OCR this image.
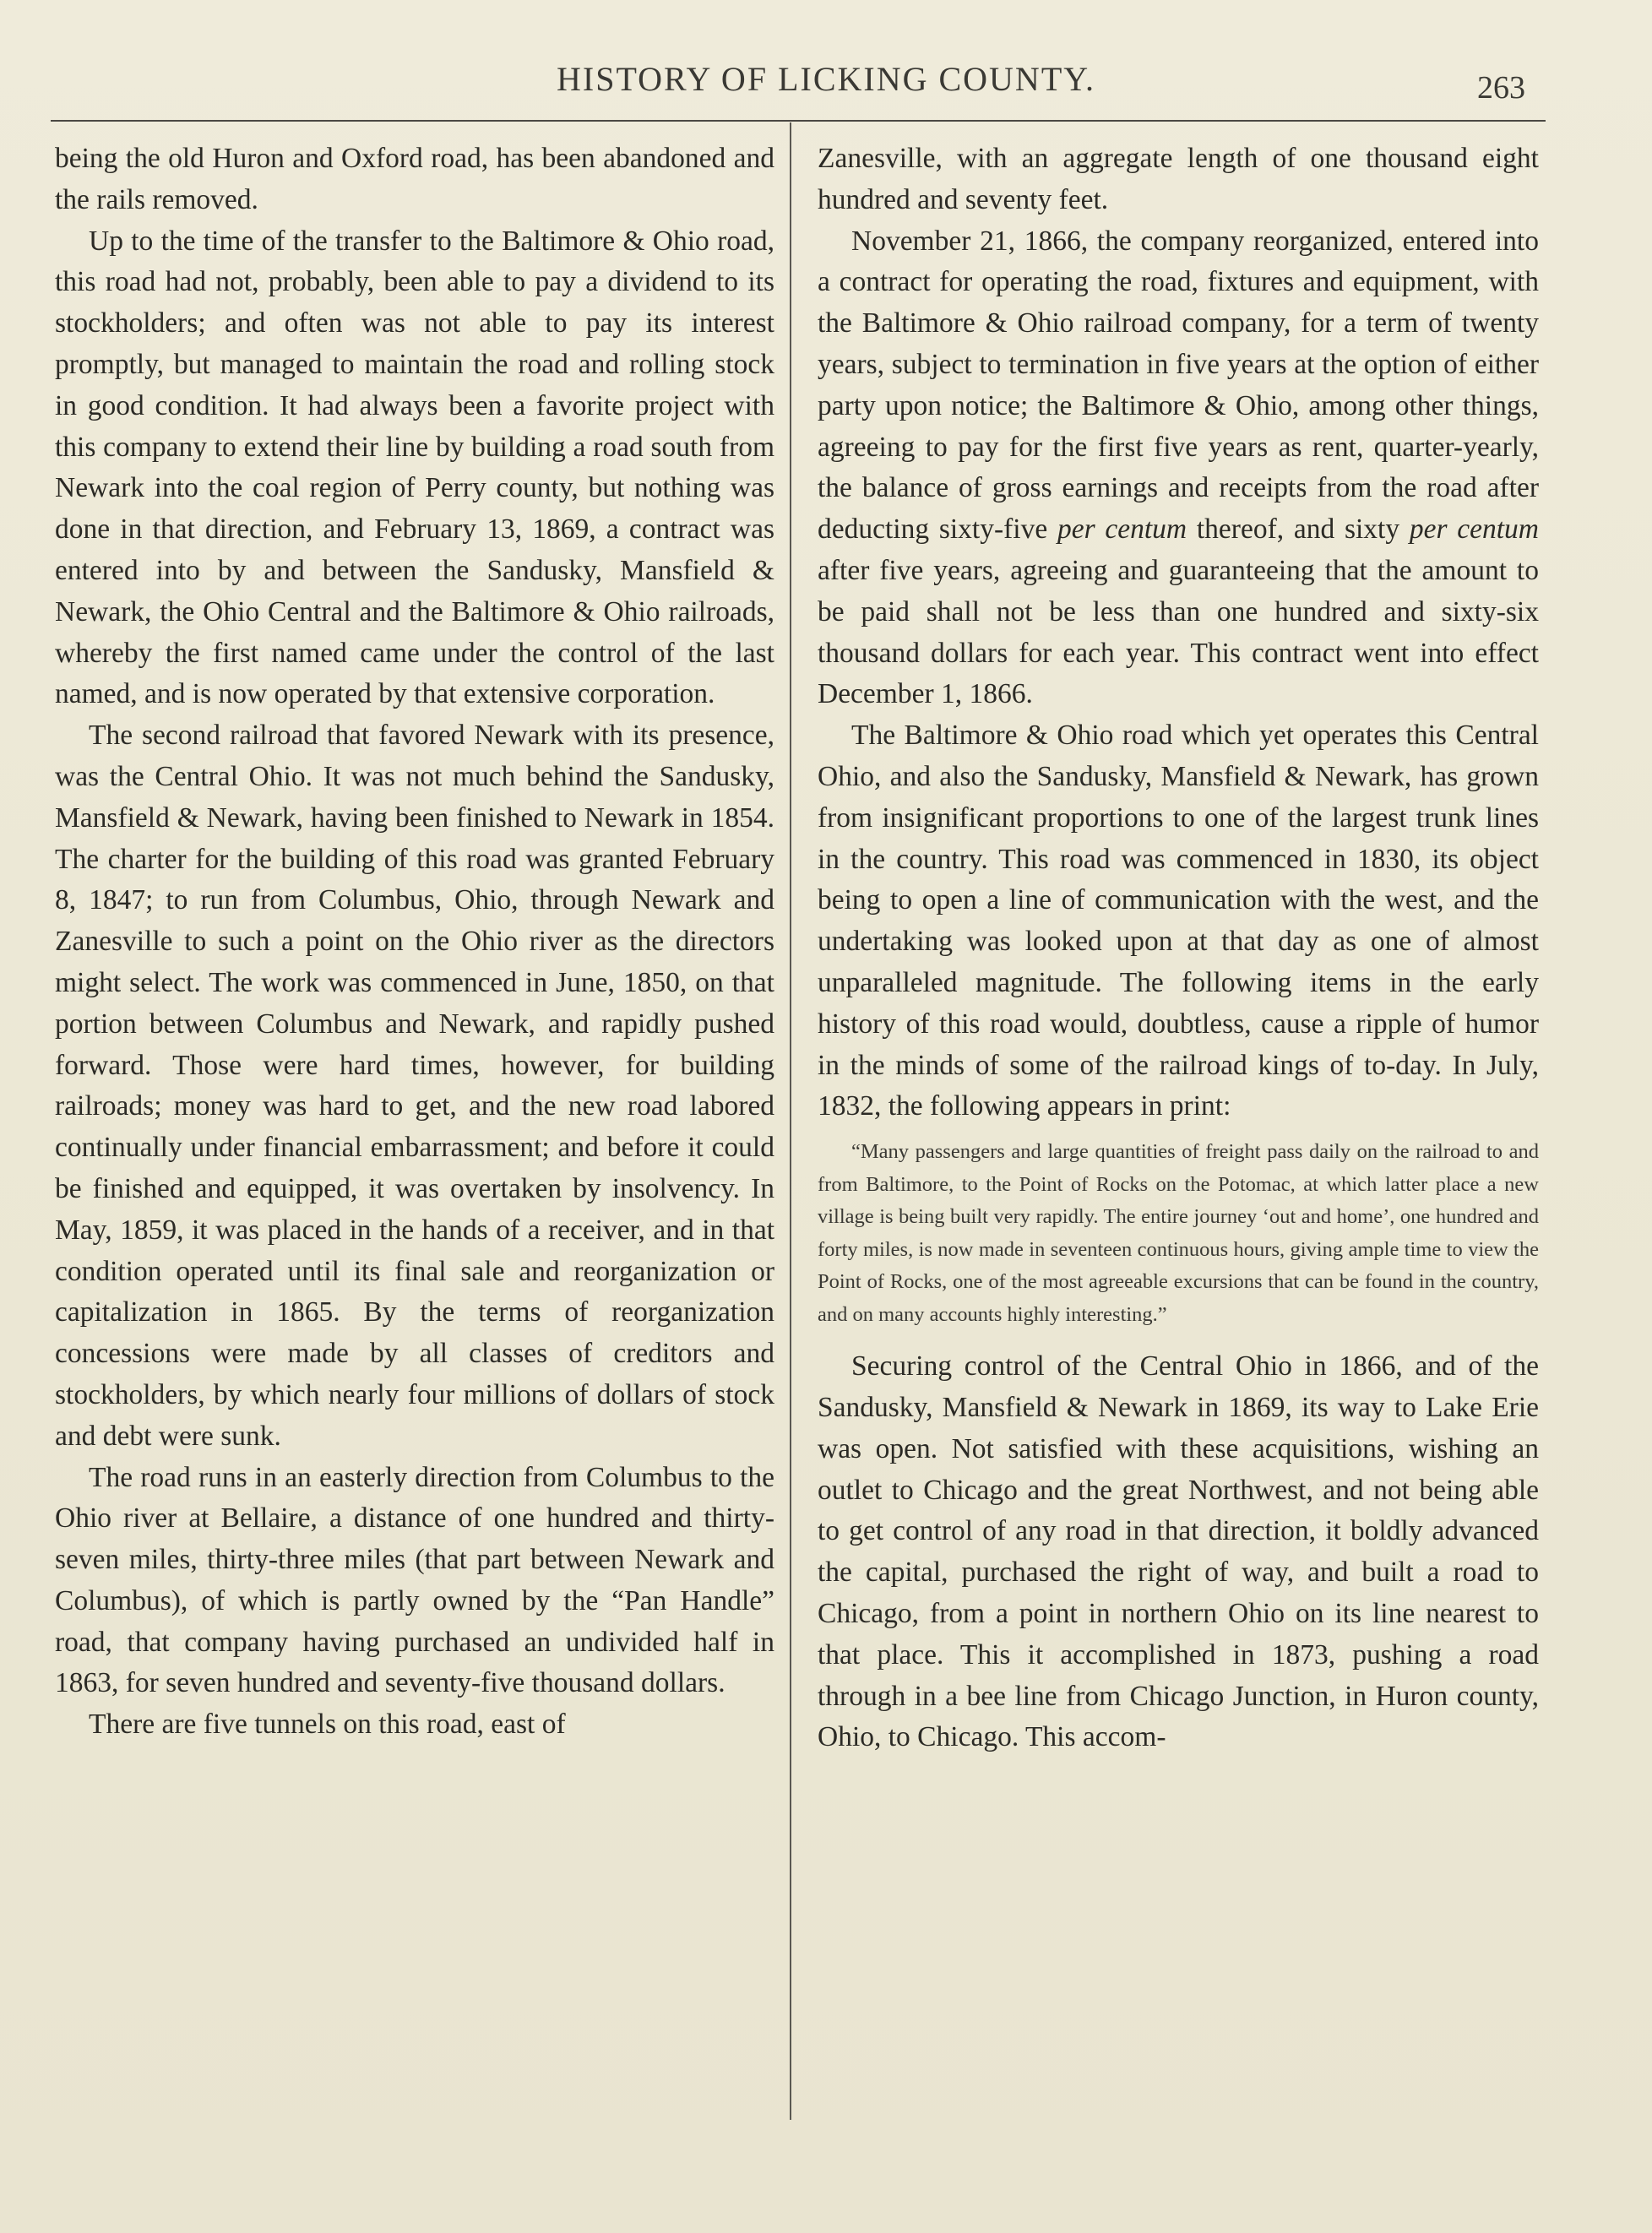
HISTORY OF LICKING COUNTY.	263

being the old Huron and Oxford road, has been abandoned and the rails removed.

Up to the time of the transfer to the Baltimore & Ohio road, this road had not, probably, been able to pay a dividend to its stockholders; and often was not able to pay its interest promptly, but managed to maintain the road and rolling stock in good condition. It had always been a favorite project with this company to extend their line by building a road south from Newark into the coal region of Perry county, but nothing was done in that direction, and February 13, 1869, a contract was entered into by and between the Sandusky, Mansfield & Newark, the Ohio Central and the Baltimore & Ohio railroads, whereby the first named came under the control of the last named, and is now operated by that extensive corporation.

The second railroad that favored Newark with its presence, was the Central Ohio. It was not much behind the Sandusky, Mansfield & Newark, having been finished to Newark in 1854. The charter for the building of this road was granted February 8, 1847; to run from Columbus, Ohio, through Newark and Zanesville to such a point on the Ohio river as the directors might select. The work was commenced in June, 1850, on that portion between Columbus and Newark, and rapidly pushed forward. Those were hard times, however, for building railroads; money was hard to get, and the new road labored continually under financial embarrassment; and before it could be finished and equipped, it was overtaken by insolvency. In May, 1859, it was placed in the hands of a receiver, and in that condition operated until its final sale and reorganization or capitalization in 1865. By the terms of reorganization concessions were made by all classes of creditors and stockholders, by which nearly four millions of dollars of stock and debt were sunk.

The road runs in an easterly direction from Columbus to the Ohio river at Bellaire, a distance of one hundred and thirty-seven miles, thirty-three miles (that part between Newark and Columbus), of which is partly owned by the “Pan Handle” road, that company having purchased an undivided half in 1863, for seven hundred and seventy-five thousand dollars.

There are five tunnels on this road, east of

Zanesville, with an aggregate length of one thousand eight hundred and seventy feet.

November 21, 1866, the company reorganized, entered into a contract for operating the road, fixtures and equipment, with the Baltimore & Ohio railroad company, for a term of twenty years, subject to termination in five years at the option of either party upon notice; the Baltimore & Ohio, among other things, agreeing to pay for the first five years as rent, quarter-yearly, the balance of gross earnings and receipts from the road after deducting sixty-five per centum thereof, and sixty per centum after five years, agreeing and guaranteeing that the amount to be paid shall not be less than one hundred and sixty-six thousand dollars for each year. This contract went into effect December 1, 1866.

The Baltimore & Ohio road which yet operates this Central Ohio, and also the Sandusky, Mansfield & Newark, has grown from insignificant proportions to one of the largest trunk lines in the country. This road was commenced in 1830, its object being to open a line of communication with the west, and the undertaking was looked upon at that day as one of almost unparalleled magnitude. The following items in the early history of this road would, doubtless, cause a ripple of humor in the minds of some of the railroad kings of to-day. In July, 1832, the following appears in print:

“Many passengers and large quantities of freight pass daily on the railroad to and from Baltimore, to the Point of Rocks on the Potomac, at which latter place a new village is being built very rapidly. The entire journey ‘out and home’, one hundred and forty miles, is now made in seventeen continuous hours, giving ample time to view the Point of Rocks, one of the most agreeable excursions that can be found in the country, and on many accounts highly interesting.”

Securing control of the Central Ohio in 1866, and of the Sandusky, Mansfield & Newark in 1869, its way to Lake Erie was open. Not satisfied with these acquisitions, wishing an outlet to Chicago and the great Northwest, and not being able to get control of any road in that direction, it boldly advanced the capital, purchased the right of way, and built a road to Chicago, from a point in northern Ohio on its line nearest to that place. This it accomplished in 1873, pushing a road through in a bee line from Chicago Junction, in Huron county, Ohio, to Chicago. This accom-
